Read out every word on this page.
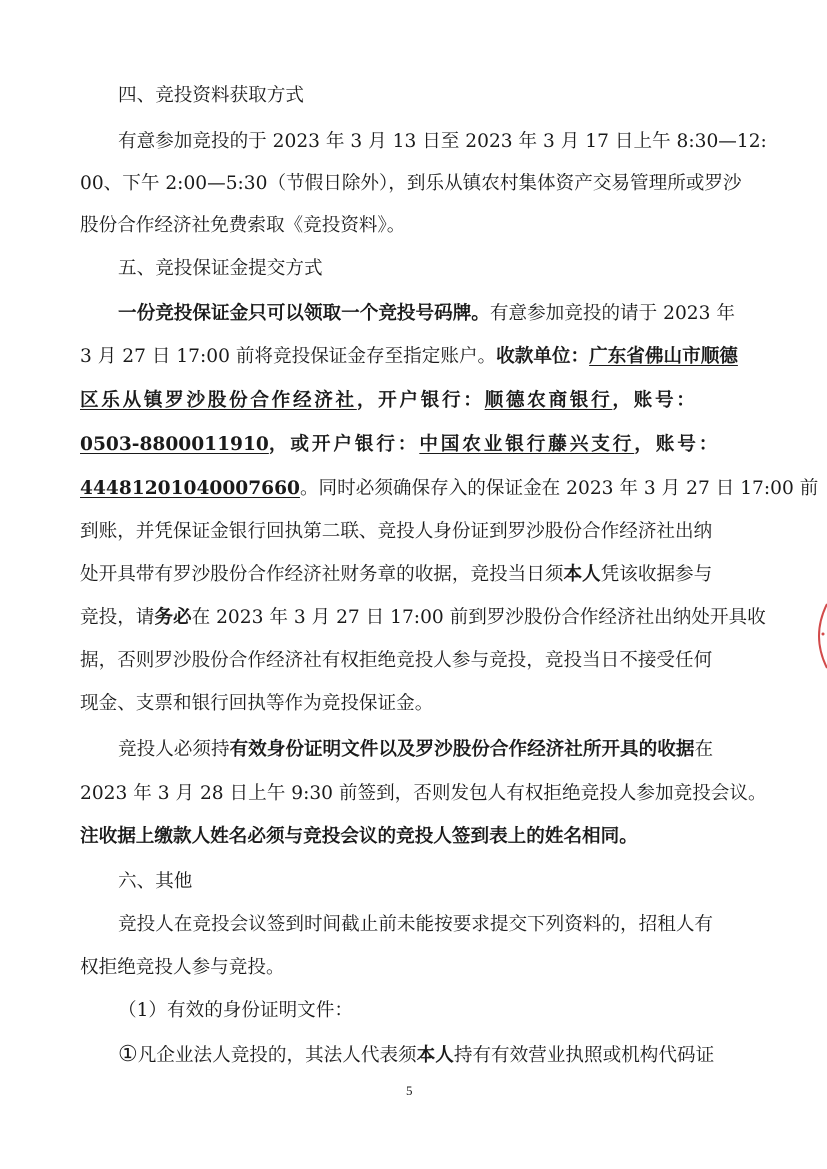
四、竞投资料获取方式
有意参加竞投的于 2023 年 3 月 13 日至 2023 年 3 月 17 日上午 8:30—12:
00、下午 2:00—5:30（节假日除外），到乐从镇农村集体资产交易管理所或罗沙
股份合作经济社免费索取《竞投资料》。
五、竞投保证金提交方式
一份竞投保证金只可以领取一个竞投号码牌。有意参加竞投的请于 2023 年
3 月 27 日 17:00 前将竞投保证金存至指定账户。收款单位：广东省佛山市顺德
区乐从镇罗沙股份合作经济社，开户银行：顺德农商银行，账号：
0503-8800011910，或开户银行：中国农业银行藤兴支行，账号：
44481201040007660。同时必须确保存入的保证金在 2023 年 3 月 27 日 17:00 前
到账，并凭保证金银行回执第二联、竞投人身份证到罗沙股份合作经济社出纳
处开具带有罗沙股份合作经济社财务章的收据，竞投当日须本人凭该收据参与
竞投，请务必在 2023 年 3 月 27 日 17:00 前到罗沙股份合作经济社出纳处开具收
据，否则罗沙股份合作经济社有权拒绝竞投人参与竞投，竞投当日不接受任何
现金、支票和银行回执等作为竞投保证金。
竞投人必须持有效身份证明文件以及罗沙股份合作经济社所开具的收据在
2023 年 3 月 28 日上午 9:30 前签到，否则发包人有权拒绝竞投人参加竞投会议。
注收据上缴款人姓名必须与竞投会议的竞投人签到表上的姓名相同。
六、其他
竞投人在竞投会议签到时间截止前未能按要求提交下列资料的，招租人有
权拒绝竞投人参与竞投。
（1）有效的身份证明文件：
①凡企业法人竞投的，其法人代表须本人持有有效营业执照或机构代码证
5
